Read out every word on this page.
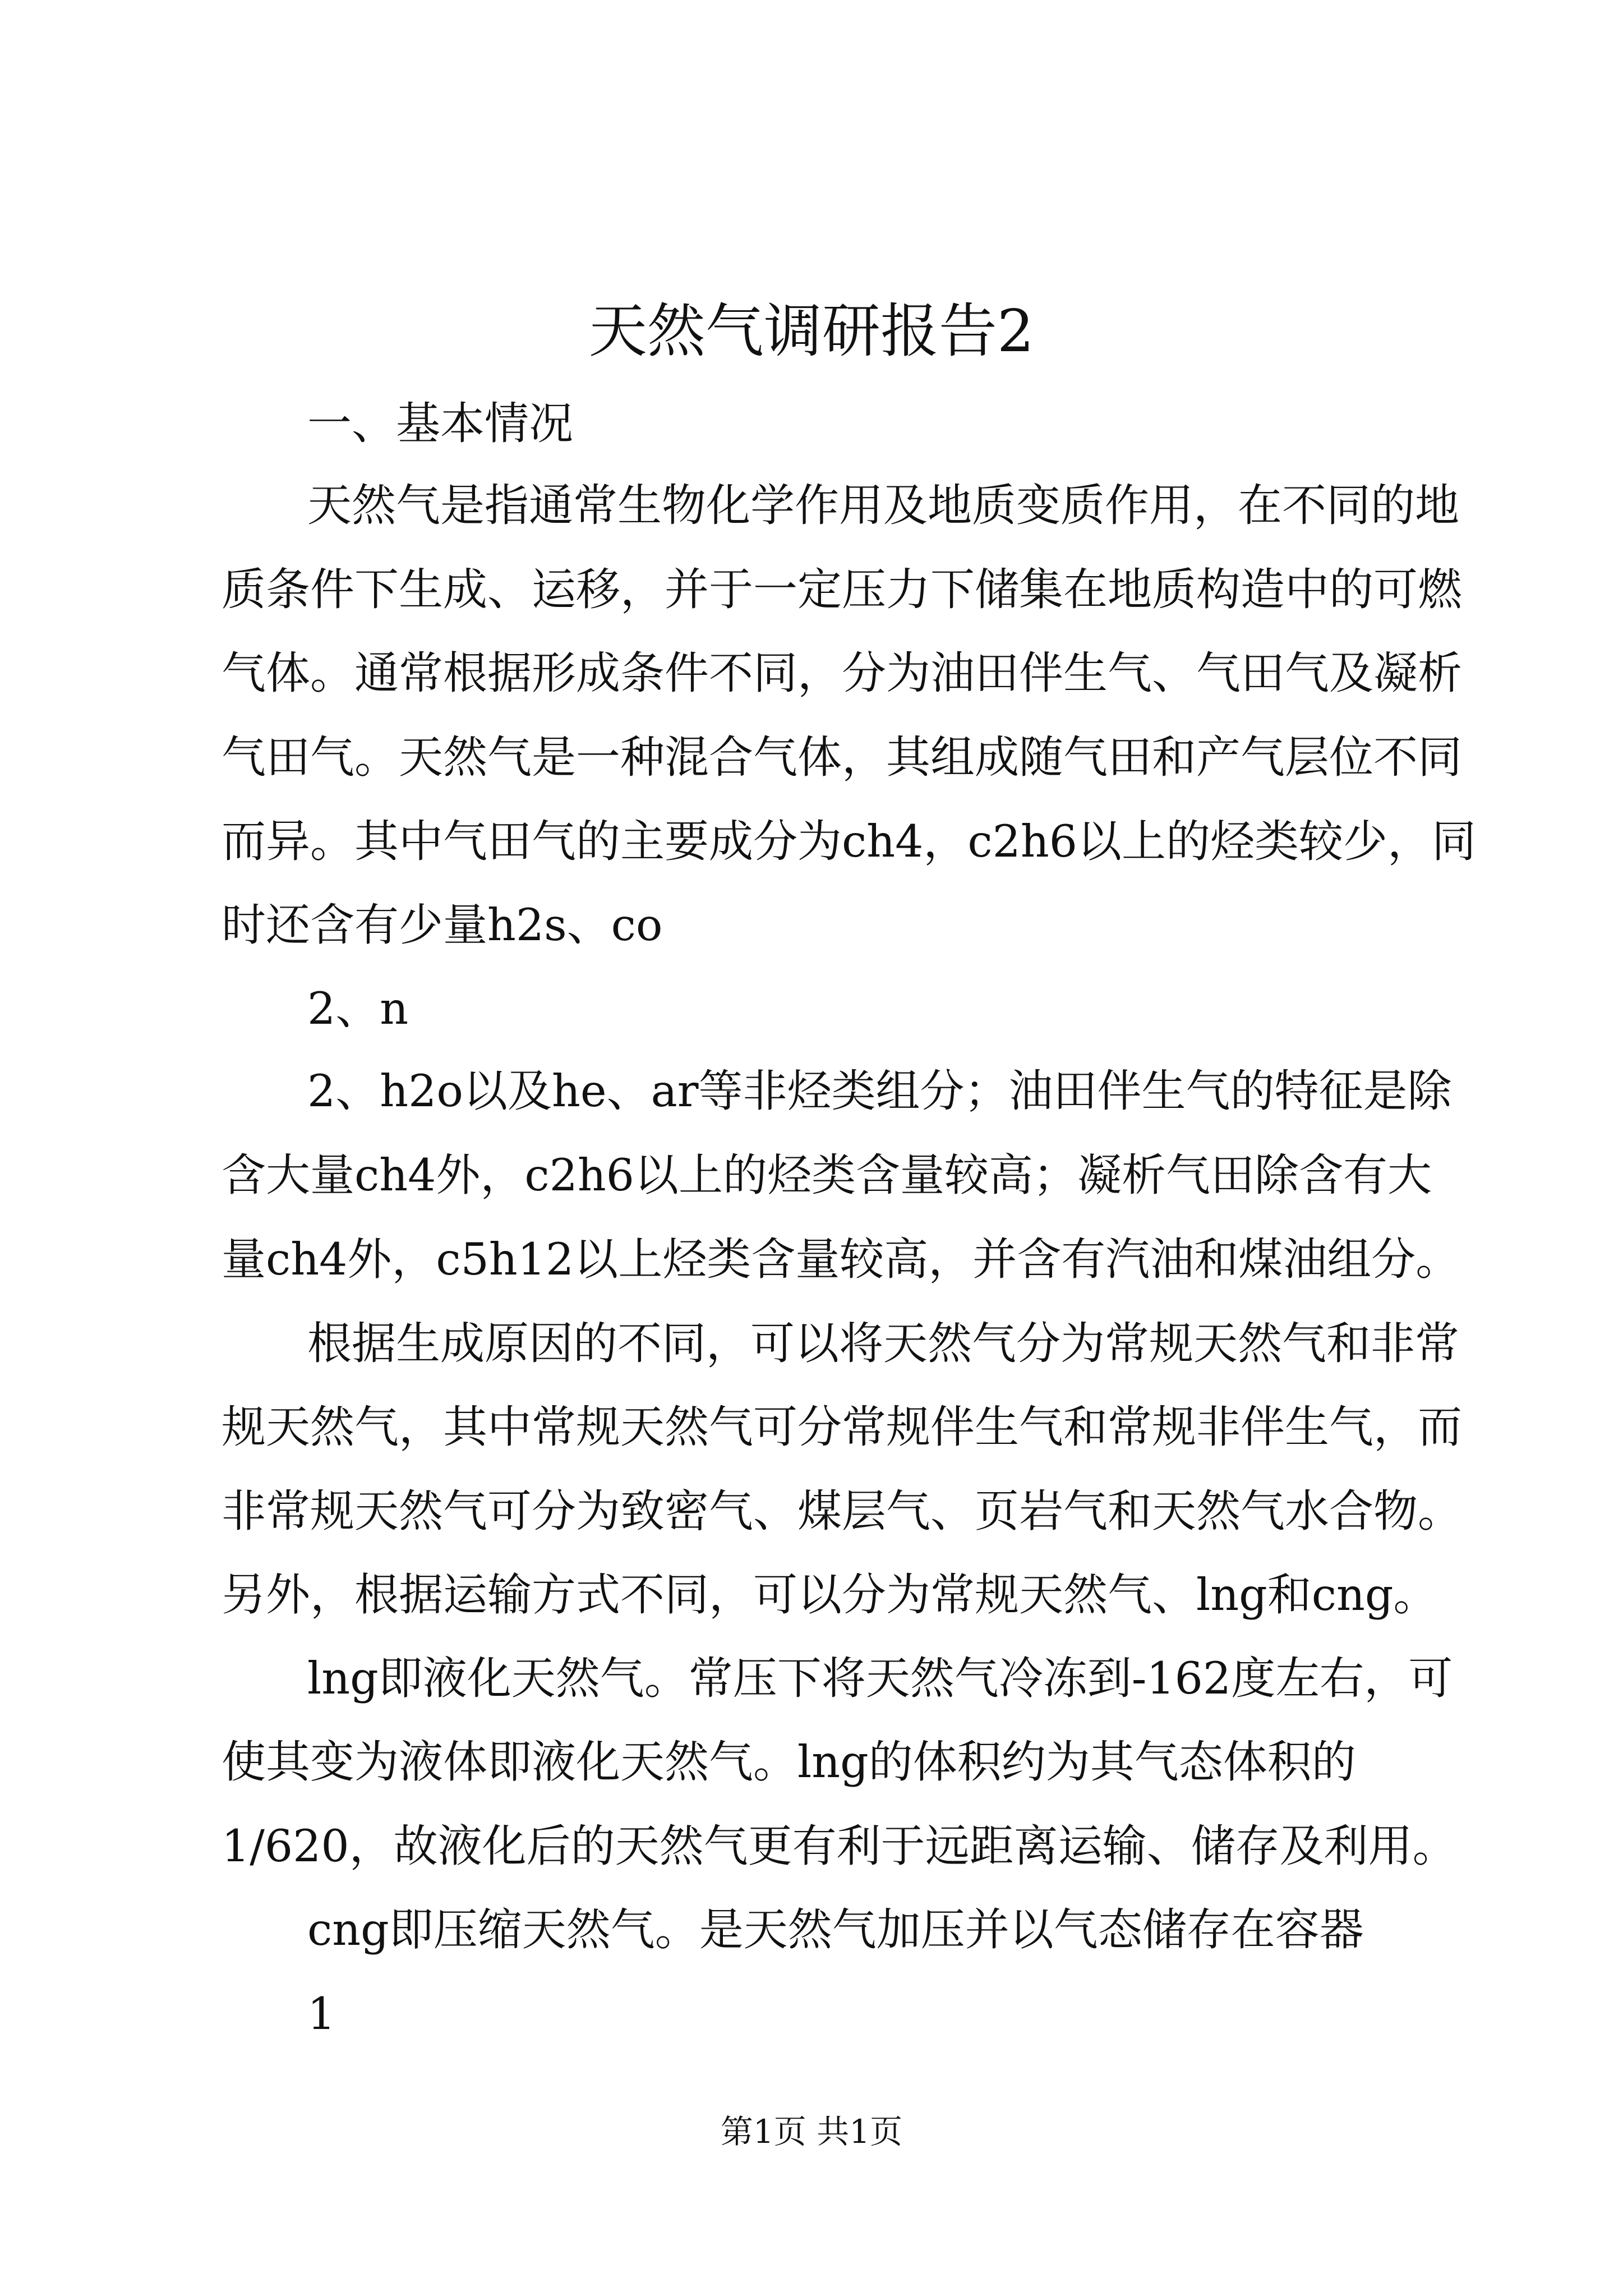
天然气调研报告2
一、基本情况
天然气是指通常生物化学作用及地质变质作用，在不同的地
质条件下生成、运移，并于一定压力下储集在地质构造中的可燃
气体。通常根据形成条件不同，分为油田伴生气、气田气及凝析
气田气。天然气是一种混合气体，其组成随气田和产气层位不同
而异。其中气田气的主要成分为ch4，c2h6以上的烃类较少，同
时还含有少量h2s、co
2、n
2、h2o以及he、ar等非烃类组分；油田伴生气的特征是除
含大量ch4外，c2h6以上的烃类含量较高；凝析气田除含有大
量ch4外，c5h12以上烃类含量较高，并含有汽油和煤油组分。
根据生成原因的不同，可以将天然气分为常规天然气和非常
规天然气，其中常规天然气可分常规伴生气和常规非伴生气，而
非常规天然气可分为致密气、煤层气、页岩气和天然气水合物。
另外，根据运输方式不同，可以分为常规天然气、lng和cng。
lng即液化天然气。常压下将天然气冷冻到-162度左右，可
使其变为液体即液化天然气。lng的体积约为其气态体积的
1/620，故液化后的天然气更有利于远距离运输、储存及利用。
cng即压缩天然气。是天然气加压并以气态储存在容器
1
第1页 共1页
